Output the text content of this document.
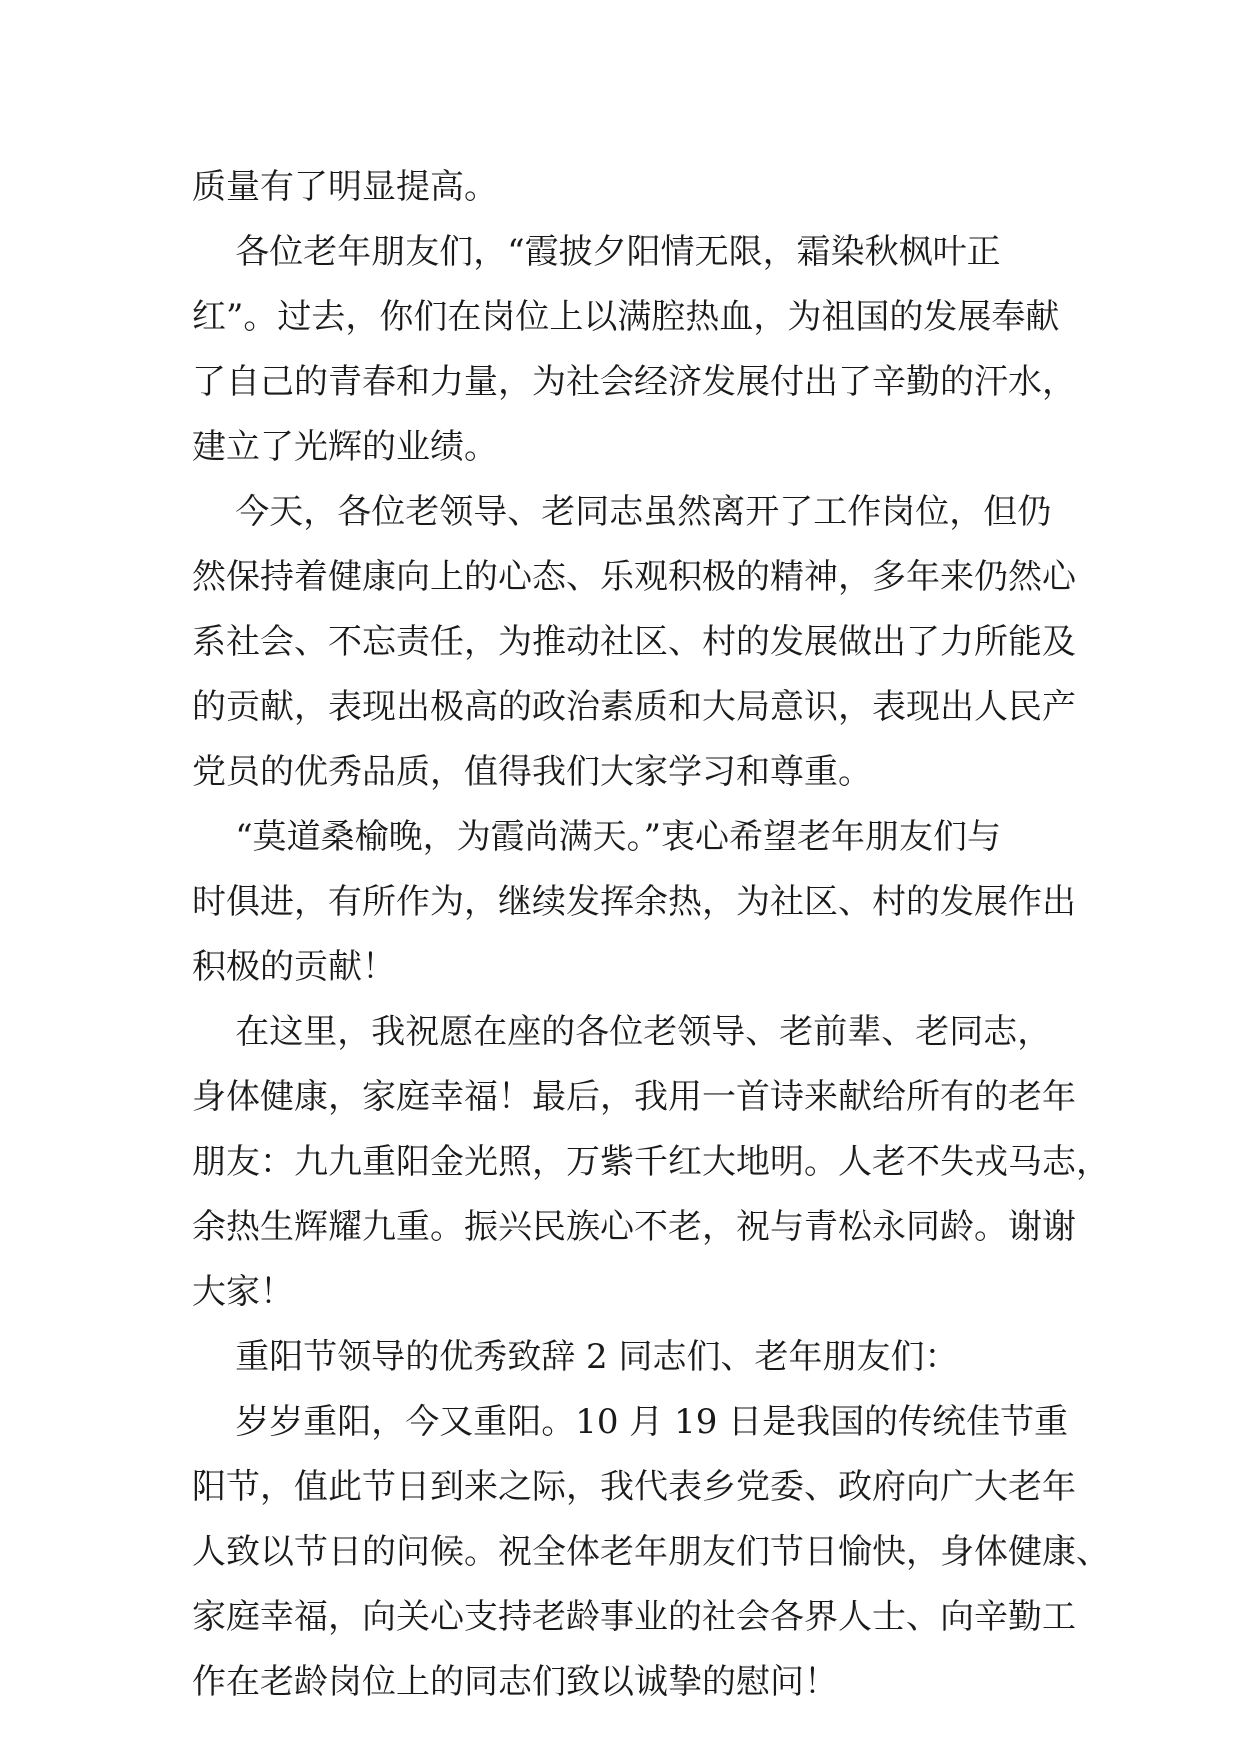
质量有了明显提高。
各位老年朋友们，“霞披夕阳情无限，霜染秋枫叶正
红”。过去，你们在岗位上以满腔热血，为祖国的发展奉献
了自己的青春和力量，为社会经济发展付出了辛勤的汗水，
建立了光辉的业绩。
今天，各位老领导、老同志虽然离开了工作岗位，但仍
然保持着健康向上的心态、乐观积极的精神，多年来仍然心
系社会、不忘责任，为推动社区、村的发展做出了力所能及
的贡献，表现出极高的政治素质和大局意识，表现出人民产
党员的优秀品质，值得我们大家学习和尊重。
“莫道桑榆晚，为霞尚满天。”衷心希望老年朋友们与
时俱进，有所作为，继续发挥余热，为社区、村的发展作出
积极的贡献！
在这里，我祝愿在座的各位老领导、老前辈、老同志，
身体健康，家庭幸福！最后，我用一首诗来献给所有的老年
朋友：九九重阳金光照，万紫千红大地明。人老不失戎马志，
余热生辉耀九重。振兴民族心不老，祝与青松永同龄。谢谢
大家！
重阳节领导的优秀致辞 2 同志们、老年朋友们：
岁岁重阳，今又重阳。10 月 19 日是我国的传统佳节重
阳节，值此节日到来之际，我代表乡党委、政府向广大老年
人致以节日的问候。祝全体老年朋友们节日愉快，身体健康、
家庭幸福，向关心支持老龄事业的社会各界人士、向辛勤工
作在老龄岗位上的同志们致以诚挚的慰问！
